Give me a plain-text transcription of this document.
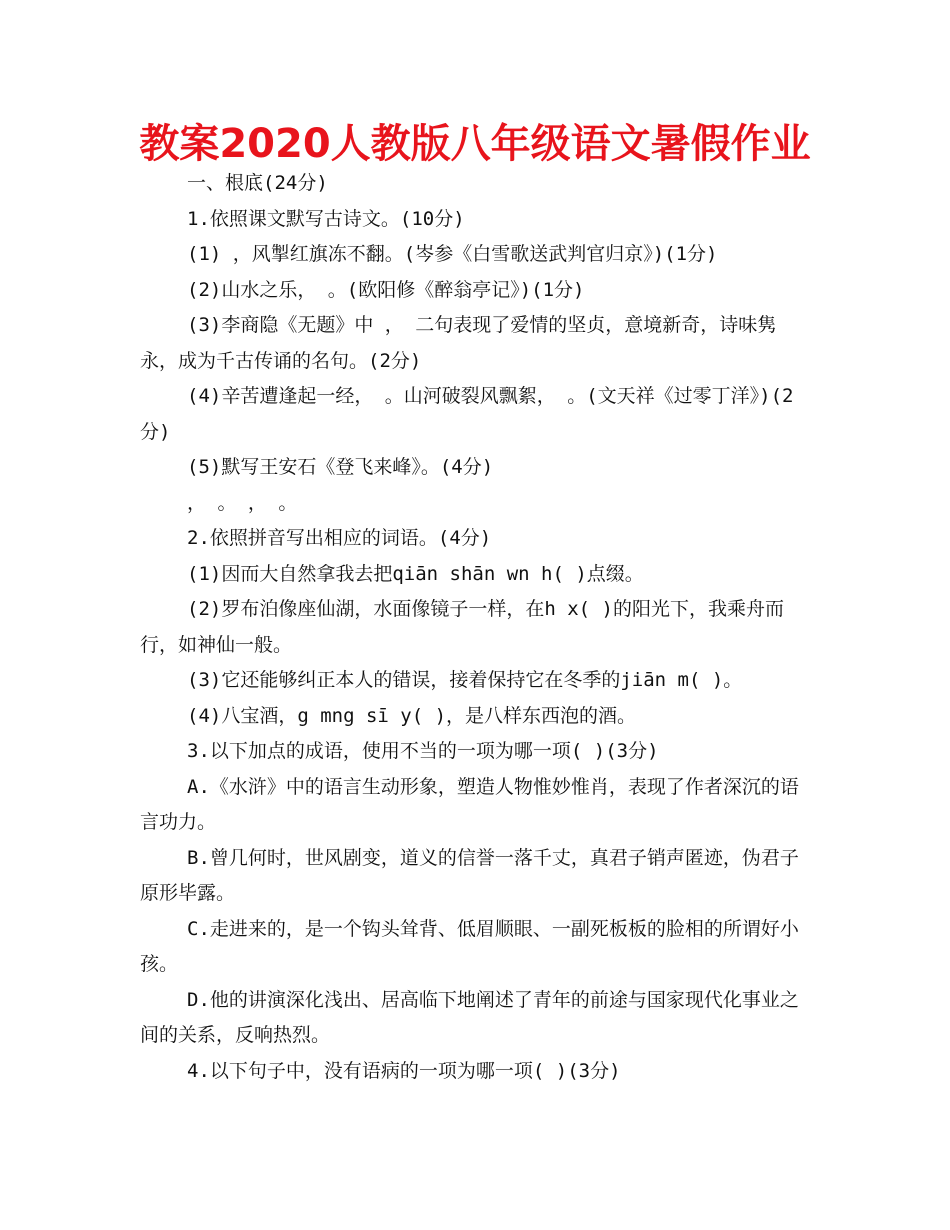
教案2020人教版八年级语文暑假作业

一、根底(24分)

1.依照课文默写古诗文。(10分)

(1) ，风掣红旗冻不翻。(岑参《白雪歌送武判官归京》)(1分)

(2)山水之乐， 。(欧阳修《醉翁亭记》)(1分)

(3)李商隐《无题》中 ， 二句表现了爱情的坚贞，意境新奇，诗味隽永，成为千古传诵的名句。(2分)

(4)辛苦遭逢起一经， 。山河破裂风飘絮， 。(文天祥《过零丁洋》)(2分)

(5)默写王安石《登飞来峰》。(4分)

， 。 ， 。

2.依照拼音写出相应的词语。(4分)

(1)因而大自然拿我去把qiān shān wn h( )点缀。

(2)罗布泊像座仙湖，水面像镜子一样，在h x( )的阳光下，我乘舟而行，如神仙一般。

(3)它还能够纠正本人的错误，接着保持它在冬季的jiān m( )。

(4)八宝酒，g mng sī y( )，是八样东西泡的酒。

3.以下加点的成语，使用不当的一项为哪一项( )(3分)

A.《水浒》中的语言生动形象，塑造人物惟妙惟肖，表现了作者深沉的语言功力。

B.曾几何时，世风剧变，道义的信誉一落千丈，真君子销声匿迹，伪君子原形毕露。

C.走进来的，是一个钩头耸背、低眉顺眼、一副死板板的脸相的所谓好小孩。

D.他的讲演深化浅出、居高临下地阐述了青年的前途与国家现代化事业之间的关系，反响热烈。

4.以下句子中，没有语病的一项为哪一项( )(3分)
